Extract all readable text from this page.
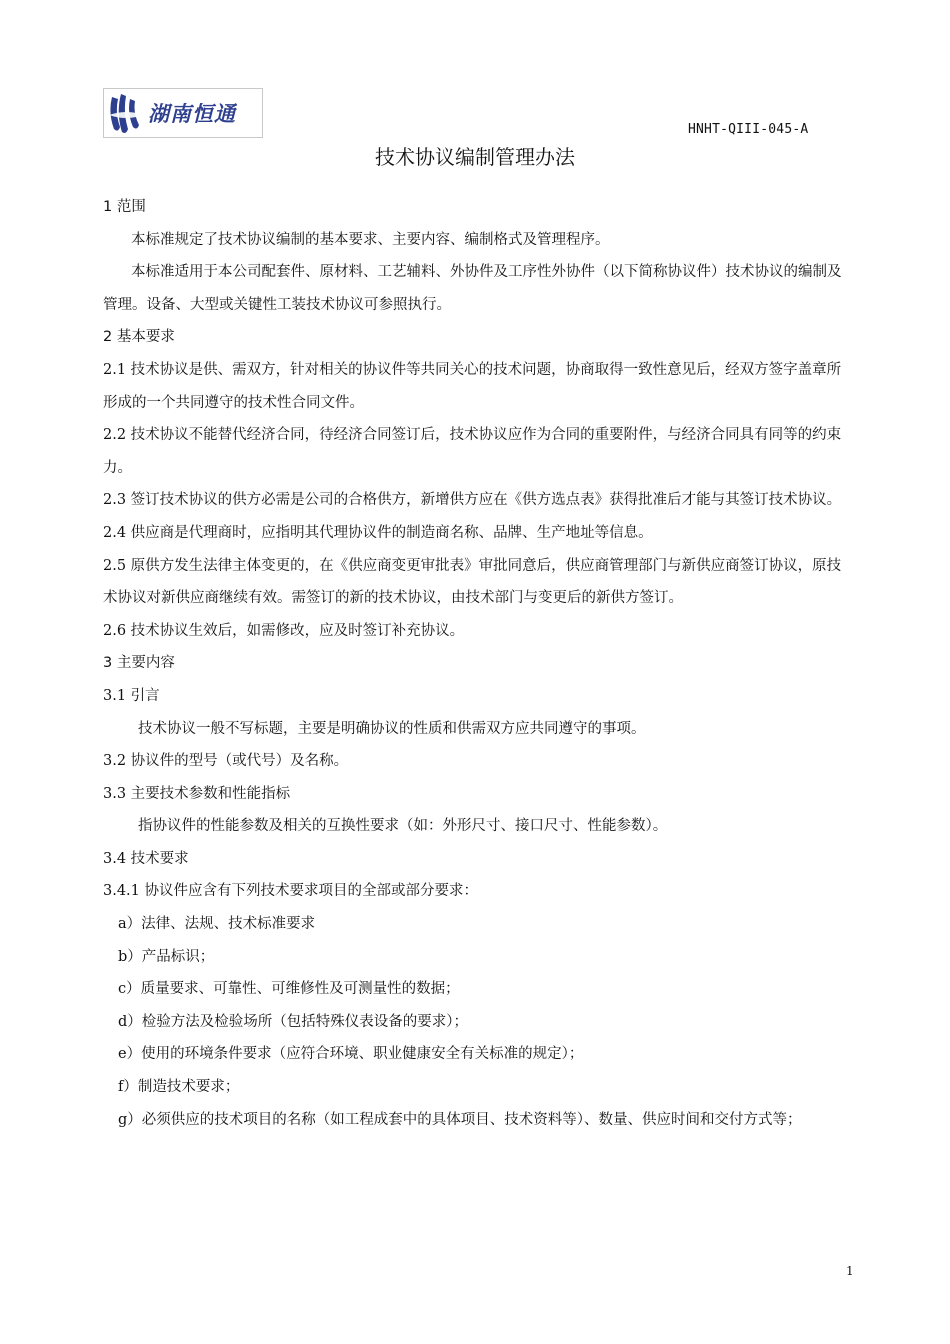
湖南恒通
HNHT-QIII-045-A
技术协议编制管理办法

1 范围

本标准规定了技术协议编制的基本要求、主要内容、编制格式及管理程序。

本标准适用于本公司配套件、原材料、工艺辅料、外协件及工序性外协件（以下简称协议件）技术协议的编制及管理。设备、大型或关键性工装技术协议可参照执行。

2 基本要求

2.1 技术协议是供、需双方，针对相关的协议件等共同关心的技术问题，协商取得一致性意见后，经双方签字盖章所形成的一个共同遵守的技术性合同文件。

2.2 技术协议不能替代经济合同，待经济合同签订后，技术协议应作为合同的重要附件，与经济合同具有同等的约束力。

2.3 签订技术协议的供方必需是公司的合格供方，新增供方应在《供方选点表》获得批准后才能与其签订技术协议。

2.4 供应商是代理商时，应指明其代理协议件的制造商名称、品牌、生产地址等信息。

2.5 原供方发生法律主体变更的，在《供应商变更审批表》审批同意后，供应商管理部门与新供应商签订协议，原技术协议对新供应商继续有效。需签订的新的技术协议，由技术部门与变更后的新供方签订。

2.6 技术协议生效后，如需修改，应及时签订补充协议。

3 主要内容

3.1 引言

技术协议一般不写标题，主要是明确协议的性质和供需双方应共同遵守的事项。

3.2 协议件的型号（或代号）及名称。

3.3 主要技术参数和性能指标

指协议件的性能参数及相关的互换性要求（如：外形尺寸、接口尺寸、性能参数）。

3.4 技术要求

3.4.1 协议件应含有下列技术要求项目的全部或部分要求：

a）法律、法规、技术标准要求

b）产品标识；

c）质量要求、可靠性、可维修性及可测量性的数据；

d）检验方法及检验场所（包括特殊仪表设备的要求）；

e）使用的环境条件要求（应符合环境、职业健康安全有关标准的规定）；

f）制造技术要求；

g）必须供应的技术项目的名称（如工程成套中的具体项目、技术资料等）、数量、供应时间和交付方式等；

1
